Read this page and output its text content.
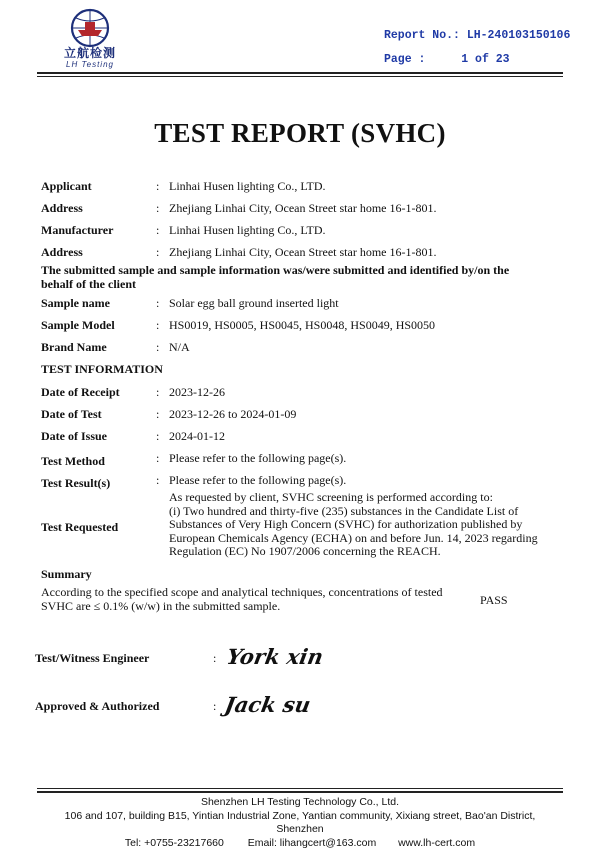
立航检测
LH Testing
Report No.: LH-240103150106
Page :	1 of 23
TEST REPORT (SVHC)
Applicant	: Linhai Husen lighting Co., LTD.
Address	: Zhejiang Linhai City, Ocean Street star home 16-1-801.
Manufacturer	: Linhai Husen lighting Co., LTD.
Address	: Zhejiang Linhai City, Ocean Street star home 16-1-801.
The submitted sample and sample information was/were submitted and identified by/on the
behalf of the client
Sample name	: Solar egg ball ground inserted light
Sample Model	: HS0019, HS0005, HS0045, HS0048, HS0049, HS0050
Brand Name	: N/A
TEST INFORMATION
Date of Receipt	: 2023-12-26
Date of Test	: 2023-12-26 to 2024-01-09
Date of Issue	: 2024-01-12
Test Method	: Please refer to the following page(s).
Test Result(s)	: Please refer to the following page(s).
Test Requested
As requested by client, SVHC screening is performed according to:
(i) Two hundred and thirty-five (235) substances in the Candidate List of
Substances of Very High Concern (SVHC) for authorization published by
European Chemicals Agency (ECHA) on and before Jun. 14, 2023 regarding
Regulation (EC) No 1907/2006 concerning the REACH.
Summary
According to the specified scope and analytical techniques, concentrations of tested
SVHC are ≤ 0.1% (w/w) in the submitted sample.	PASS
Test/Witness Engineer	: York xin
Approved & Authorized	: Jack su
Shenzhen LH Testing Technology Co., Ltd.
106 and 107, building B15, Yintian Industrial Zone, Yantian community, Xixiang street, Bao'an District,
Shenzhen
Tel: +0755-23217660 Email: lihangcert@163.com www.lh-cert.com
